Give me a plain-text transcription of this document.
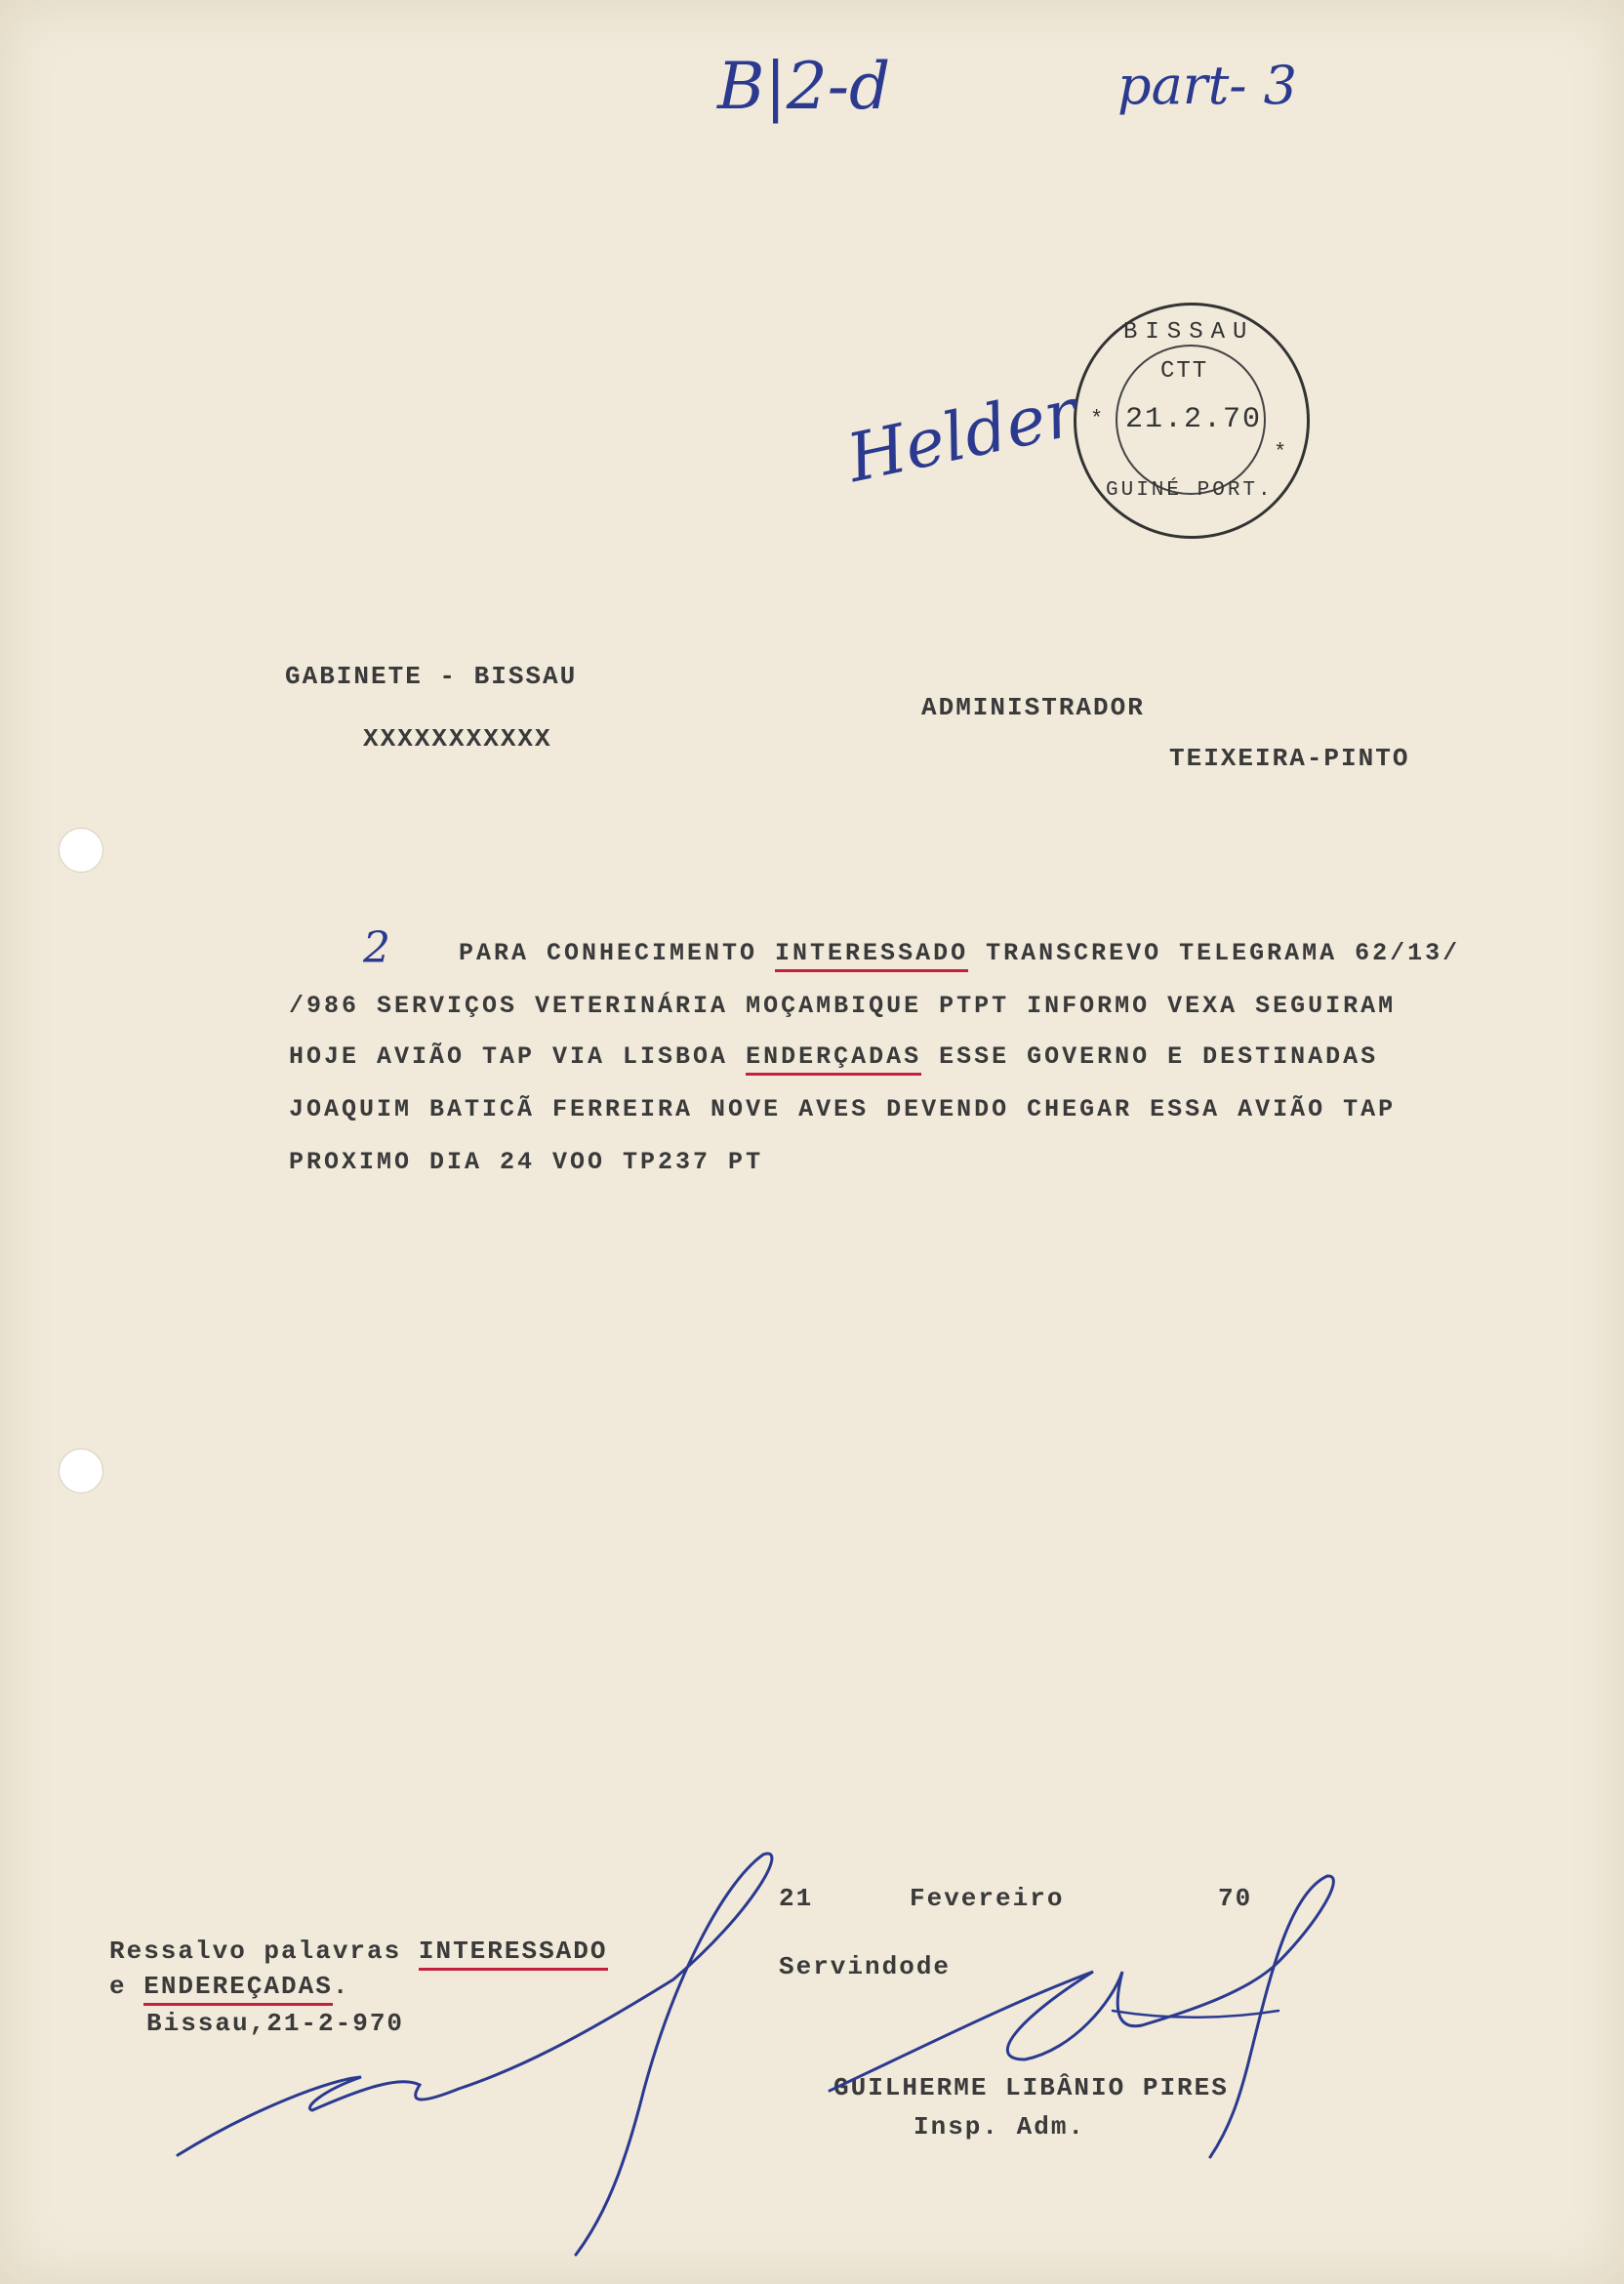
B|2-d	part- 3
BISSAU
CTT
21.2.70
GUINÉ PORT.
*
*
Helder
GABINETE - BISSAU
XXXXXXXXXXX
ADMINISTRADOR
TEIXEIRA-PINTO
2	PARA CONHECIMENTO INTERESSADO TRANSCREVO TELEGRAMA 62/13/
/986 SERVIÇOS VETERINÁRIA MOÇAMBIQUE PTPT INFORMO VEXA SEGUIRAM
HOJE AVIÃO TAP VIA LISBOA ENDERÇADAS ESSE GOVERNO E DESTINADAS
JOAQUIM BATICÃ FERREIRA NOVE AVES DEVENDO CHEGAR ESSA AVIÃO TAP
PROXIMO DIA 24 VOO TP237 PT
21	Fevereiro	70
Servindode
GUILHERME LIBÂNIO PIRES
Insp. Adm.
Ressalvo palavras INTERESSADO
e ENDEREÇADAS.
Bissau,21-2-970
